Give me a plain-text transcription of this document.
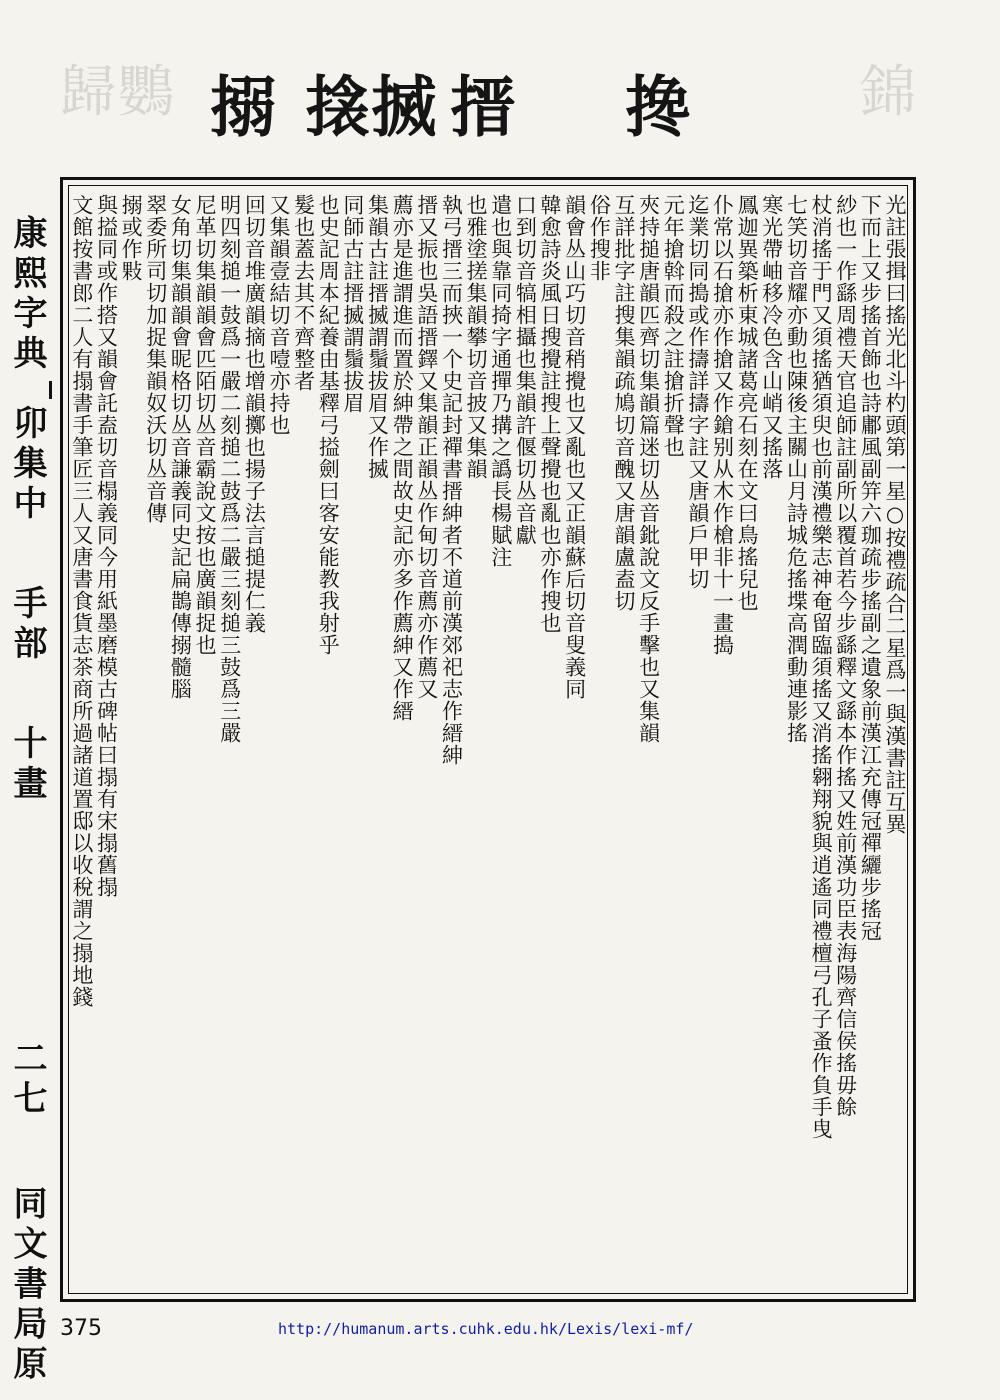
歸鸚 搦 搇搣 搢 搀	錦
康熙字典
卯集中
手部
十畫
二七  同文書局原
光註張揖曰搖光北斗杓頭第一星○按禮疏合二星爲一與漢書註互異
下而上又步搖首飾也詩鄘風副笄六珈疏步搖副之遺象前漢江充傳冠禪纚步搖冠
紗也一作繇周禮天官追師註副所以覆首若今步繇釋文繇本作搖又姓前漢功臣表海陽齊信侯搖毋餘
杖消搖于門又須搖猶須臾也前漢禮樂志神奄留臨須搖又消搖翱翔貌與逍遙同禮檀弓孔子蚤作負手曳
七笑切音耀亦動也陳後主關山月詩城危搖堞高潤動連影搖
寒光帶岫移冷色含山峭又搖落
鳳迦異築析東城諸葛亮石刻在文曰鳥搖兒也
仆常以石搶亦作搶又作鎗别从木作槍非十一畫搗
迄業切同搗或作擣詳擣字註又唐韻戶甲切
元年搶斡而殺之註搶折聲也
夾持搥唐韻匹齊切集韻篇迷切丛音鈚說文反手擊也又集韻
互詳批字註搜集韻疏鳩切音醜又唐韻盧盍切
俗作搜非
韻會丛山巧切音稍攪也又亂也又正韻蘇后切音叟義同
韓愈詩炎風日搜攪註搜上聲攪也亂也亦作搜也
口到切音犒相攝也集韻許偃切丛音獻
遣也與靠同掎字通撣乃搆之譌長楊賦注
也雅塗搓集韻攀切音披又集韻
執弓搢三而挾一个史記封禪書搢紳者不道前漢郊祀志作縉紳
搢又振也吳語搢鐸又集韻正韻丛作甸切音薦亦作薦又
薦亦是進謂進而置於紳帶之間故史記亦多作薦紳又作縉
集韻古註搢揻謂鬚拔眉又作揻
同師古註搢揻謂鬚拔眉
也史記周本紀養由基釋弓搤劍曰客安能教我射乎
髮也蓋去其不齊整者
又集韻壹結切音噎亦持也
回切音堆廣韻摘也增韻擲也揚子法言搥提仁義
明四刻搥一鼓爲一嚴二刻搥二鼓爲二嚴三刻搥三鼓爲三嚴
尼革切集韻韻會匹陌切丛音霸說文按也廣韻捉也
女角切集韻韻會昵格切丛音謙義同史記扁鵲傳搦髓腦
翠委所司切加捉集韻奴沃切丛音傳
搦或作敤
與搤同或作搭又韻會託盍切音榻義同今用紙墨磨模古碑帖曰搨有宋搨舊搨
文館按書郎二人有搨書手筆匠三人又唐書食貨志茶商所過諸道置邸以收稅謂之搨地錢
375	http://humanum.arts.cuhk.edu.hk/Lexis/lexi-mf/
